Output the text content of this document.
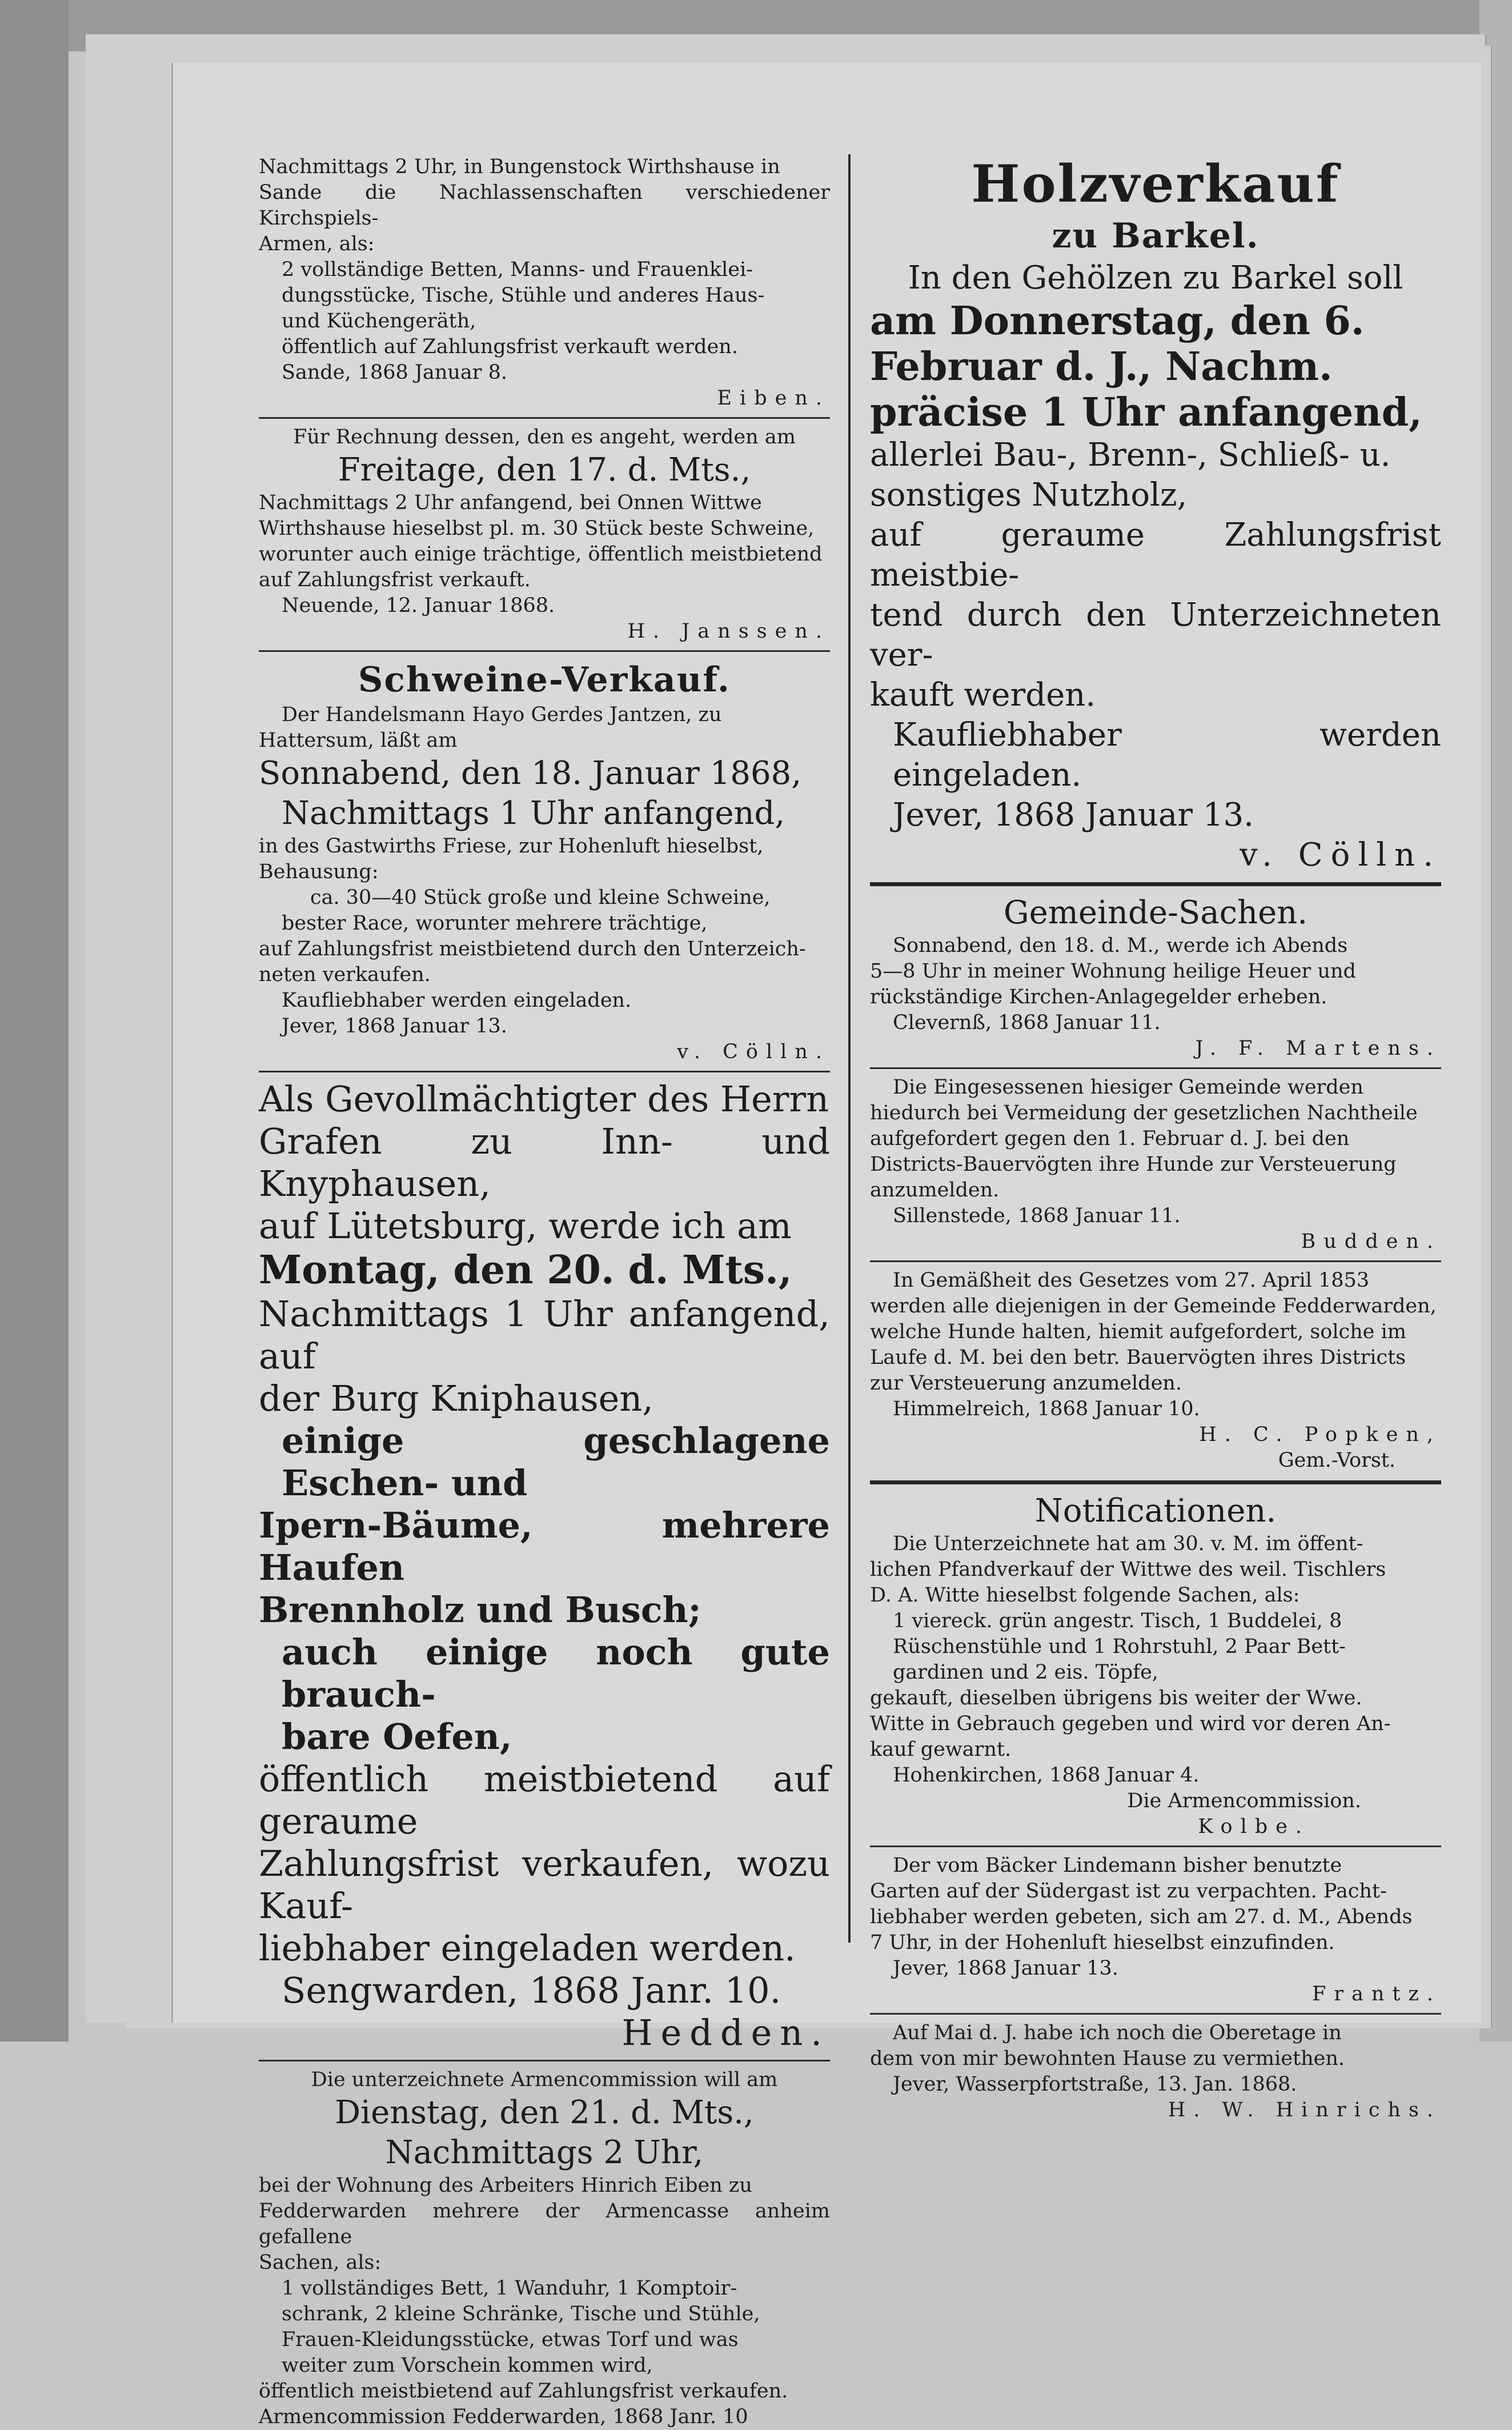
Nachmittags 2 Uhr, in Bungenstock Wirthshause in

Sande die Nachlassenschaften verschiedener Kirchspiels-

Armen, als:

2 vollständige Betten, Manns- und Frauenklei-

dungsstücke, Tische, Stühle und anderes Haus-

und Küchengeräth,

öffentlich auf Zahlungsfrist verkauft werden.

Sande, 1868 Januar 8.

Eiben.

Für Rechnung dessen, den es angeht, werden am

Freitage, den 17. d. Mts.,

Nachmittags 2 Uhr anfangend, bei Onnen Wittwe

Wirthshause hieselbst pl. m. 30 Stück beste Schweine,

worunter auch einige trächtige, öffentlich meistbietend

auf Zahlungsfrist verkauft.

Neuende, 12. Januar 1868.

H. Janssen.

Schweine-Verkauf.

Der Handelsmann Hayo Gerdes Jantzen, zu

Hattersum, läßt am

Sonnabend, den 18. Januar 1868,

Nachmittags 1 Uhr anfangend,

in des Gastwirths Friese, zur Hohenluft hieselbst,

Behausung:

ca. 30—40 Stück große und kleine Schweine,

bester Race, worunter mehrere trächtige,

auf Zahlungsfrist meistbietend durch den Unterzeich-

neten verkaufen.

Kaufliebhaber werden eingeladen.

Jever, 1868 Januar 13.

v. Cölln.

Als Gevollmächtigter des Herrn

Grafen zu Inn- und Knyphausen,

auf Lütetsburg, werde ich am

Montag, den 20. d. Mts.,

Nachmittags 1 Uhr anfangend, auf

der Burg Kniphausen,

einige geschlagene Eschen- und

Ipern-Bäume, mehrere Haufen

Brennholz und Busch;

auch einige noch gute brauch-

bare Oefen,

öffentlich meistbietend auf geraume

Zahlungsfrist verkaufen, wozu Kauf-

liebhaber eingeladen werden.

Sengwarden, 1868 Janr. 10.

Hedden.

Die unterzeichnete Armencommission will am

Dienstag, den 21. d. Mts.,

Nachmittags 2 Uhr,

bei der Wohnung des Arbeiters Hinrich Eiben zu

Fedderwarden mehrere der Armencasse anheim gefallene

Sachen, als:

1 vollständiges Bett, 1 Wanduhr, 1 Komptoir-

schrank, 2 kleine Schränke, Tische und Stühle,

Frauen-Kleidungsstücke, etwas Torf und was

weiter zum Vorschein kommen wird,

öffentlich meistbietend auf Zahlungsfrist verkaufen.

Armencommission Fedderwarden, 1868 Janr. 10

Holzverkauf

zu Barkel.

In den Gehölzen zu Barkel soll

am Donnerstag, den 6.

Februar d. J., Nachm.

präcise 1 Uhr anfangend,

allerlei Bau-, Brenn-, Schließ- u.

sonstiges Nutzholz,

auf geraume Zahlungsfrist meistbie-

tend durch den Unterzeichneten ver-

kauft werden.

Kaufliebhaber werden eingeladen.

Jever, 1868 Januar 13.

v. Cölln.

Gemeinde-Sachen.

Sonnabend, den 18. d. M., werde ich Abends

5—8 Uhr in meiner Wohnung heilige Heuer und

rückständige Kirchen-Anlagegelder erheben.

Clevernß, 1868 Januar 11.

J. F. Martens.

Die Eingesessenen hiesiger Gemeinde werden

hiedurch bei Vermeidung der gesetzlichen Nachtheile

aufgefordert gegen den 1. Februar d. J. bei den

Districts-Bauervögten ihre Hunde zur Versteuerung

anzumelden.

Sillenstede, 1868 Januar 11.

Budden.

In Gemäßheit des Gesetzes vom 27. April 1853

werden alle diejenigen in der Gemeinde Fedderwarden,

welche Hunde halten, hiemit aufgefordert, solche im

Laufe d. M. bei den betr. Bauervögten ihres Districts

zur Versteuerung anzumelden.

Himmelreich, 1868 Januar 10.

H. C. Popken,

Gem.-Vorst.

Notificationen.

Die Unterzeichnete hat am 30. v. M. im öffent-

lichen Pfandverkauf der Wittwe des weil. Tischlers

D. A. Witte hieselbst folgende Sachen, als:

1 viereck. grün angestr. Tisch, 1 Buddelei, 8

Rüschenstühle und 1 Rohrstuhl, 2 Paar Bett-

gardinen und 2 eis. Töpfe,

gekauft, dieselben übrigens bis weiter der Wwe.

Witte in Gebrauch gegeben und wird vor deren An-

kauf gewarnt.

Hohenkirchen, 1868 Januar 4.

Die Armencommission.

Kolbe.

Der vom Bäcker Lindemann bisher benutzte

Garten auf der Südergast ist zu verpachten. Pacht-

liebhaber werden gebeten, sich am 27. d. M., Abends

7 Uhr, in der Hohenluft hieselbst einzufinden.

Jever, 1868 Januar 13.

Frantz.

Auf Mai d. J. habe ich noch die Oberetage in

dem von mir bewohnten Hause zu vermiethen.

Jever, Wasserpfortstraße, 13. Jan. 1868.

H. W. Hinrichs.
